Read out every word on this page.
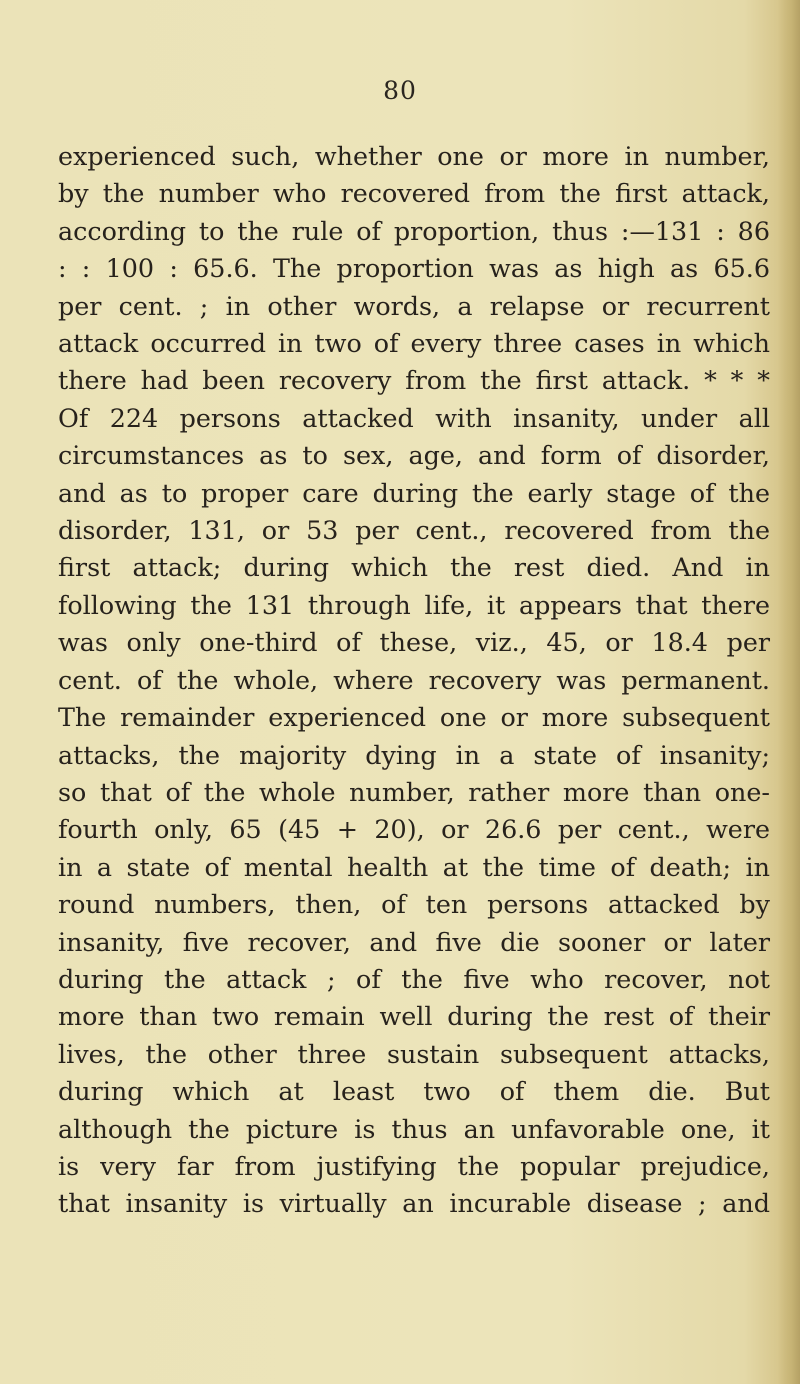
80
experienced such, whether one or more in number,
by the number who recovered from the first attack,
according to the rule of proportion, thus :—131 : 86
: : 100 : 65.6. The proportion was as high as 65.6
per cent. ; in other words, a relapse or recurrent
attack occurred in two of every three cases in which
there had been recovery from the first attack. * * *
Of 224 persons attacked with insanity, under all
circumstances as to sex, age, and form of disorder,
and as to proper care during the early stage of the
disorder, 131, or 53 per cent., recovered from the
first attack; during which the rest died. And in
following the 131 through life, it appears that there
was only one-third of these, viz., 45, or 18.4 per
cent. of the whole, where recovery was permanent.
The remainder experienced one or more subsequent
attacks, the majority dying in a state of insanity;
so that of the whole number, rather more than one-
fourth only, 65 (45 + 20), or 26.6 per cent., were
in a state of mental health at the time of death; in
round numbers, then, of ten persons attacked by
insanity, five recover, and five die sooner or later
during the attack ; of the five who recover, not
more than two remain well during the rest of their
lives, the other three sustain subsequent attacks,
during which at least two of them die. But
although the picture is thus an unfavorable one, it
is very far from justifying the popular prejudice,
that insanity is virtually an incurable disease ; and
